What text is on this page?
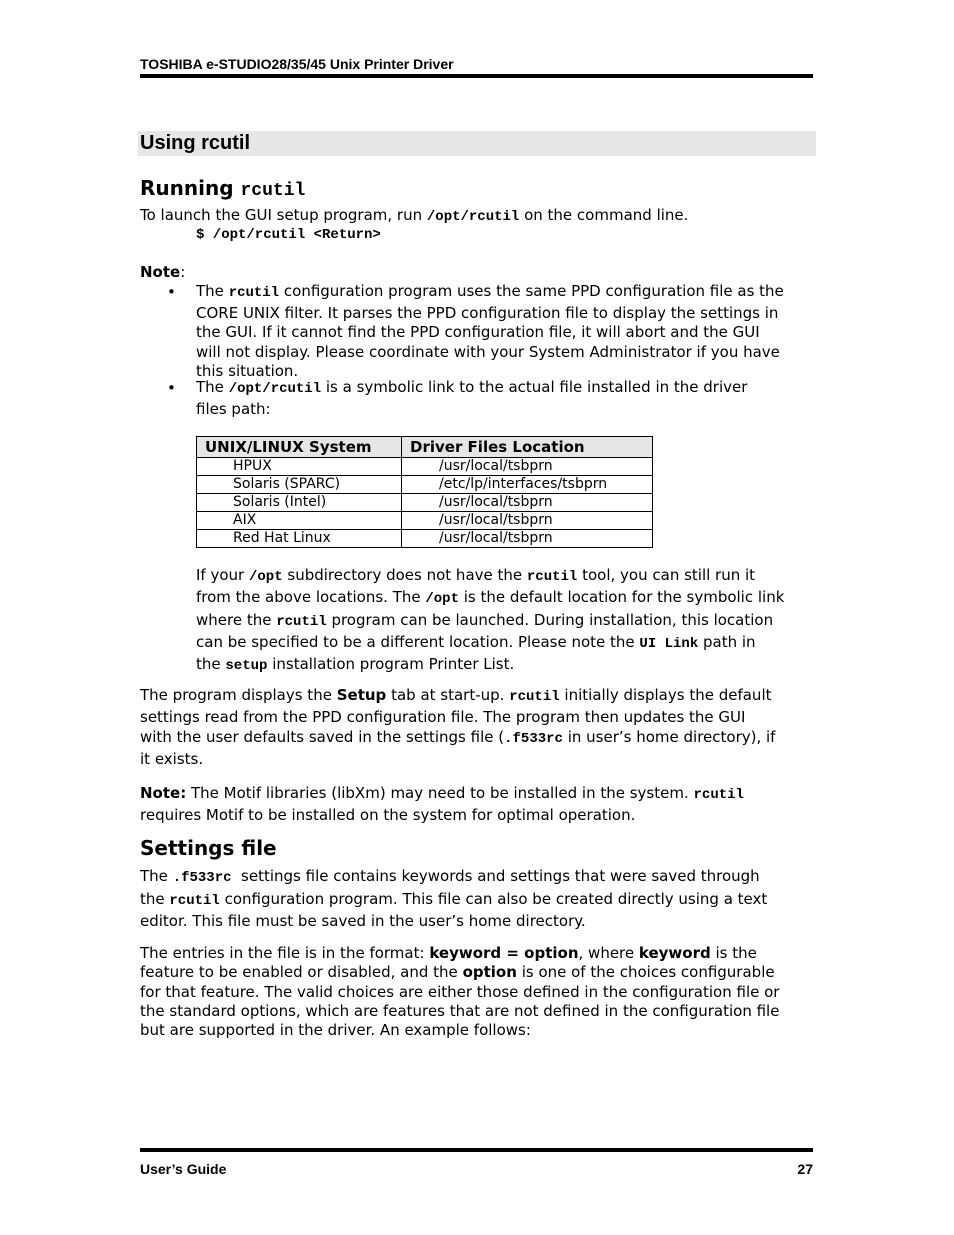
TOSHIBA e-STUDIO28/35/45 Unix Printer Driver
Using rcutil
Running rcutil
To launch the GUI setup program, run /opt/rcutil on the command line.
$ /opt/rcutil <Return>
Note:
• The rcutil configuration program uses the same PPD configuration file as the
CORE UNIX filter. It parses the PPD configuration file to display the settings in
the GUI. If it cannot find the PPD configuration file, it will abort and the GUI
will not display. Please coordinate with your System Administrator if you have
this situation.
• The /opt/rcutil is a symbolic link to the actual file installed in the driver
files path:
UNIX/LINUX System	Driver Files Location
HPUX	/usr/local/tsbprn
Solaris (SPARC)	/etc/lp/interfaces/tsbprn
Solaris (Intel)	/usr/local/tsbprn
AIX	/usr/local/tsbprn
Red Hat Linux	/usr/local/tsbprn
If your /opt subdirectory does not have the rcutil tool, you can still run it
from the above locations. The /opt is the default location for the symbolic link
where the rcutil program can be launched. During installation, this location
can be specified to be a different location. Please note the UI Link path in
the setup installation program Printer List.
The program displays the Setup tab at start-up. rcutil initially displays the default
settings read from the PPD configuration file. The program then updates the GUI
with the user defaults saved in the settings file (.f533rc in user’s home directory), if
it exists.
Note: The Motif libraries (libXm) may need to be installed in the system. rcutil
requires Motif to be installed on the system for optimal operation.
Settings file
The .f533rc settings file contains keywords and settings that were saved through
the rcutil configuration program. This file can also be created directly using a text
editor. This file must be saved in the user’s home directory.
The entries in the file is in the format: keyword = option, where keyword is the
feature to be enabled or disabled, and the option is one of the choices configurable
for that feature. The valid choices are either those defined in the configuration file or
the standard options, which are features that are not defined in the configuration file
but are supported in the driver. An example follows:
User’s Guide	27
